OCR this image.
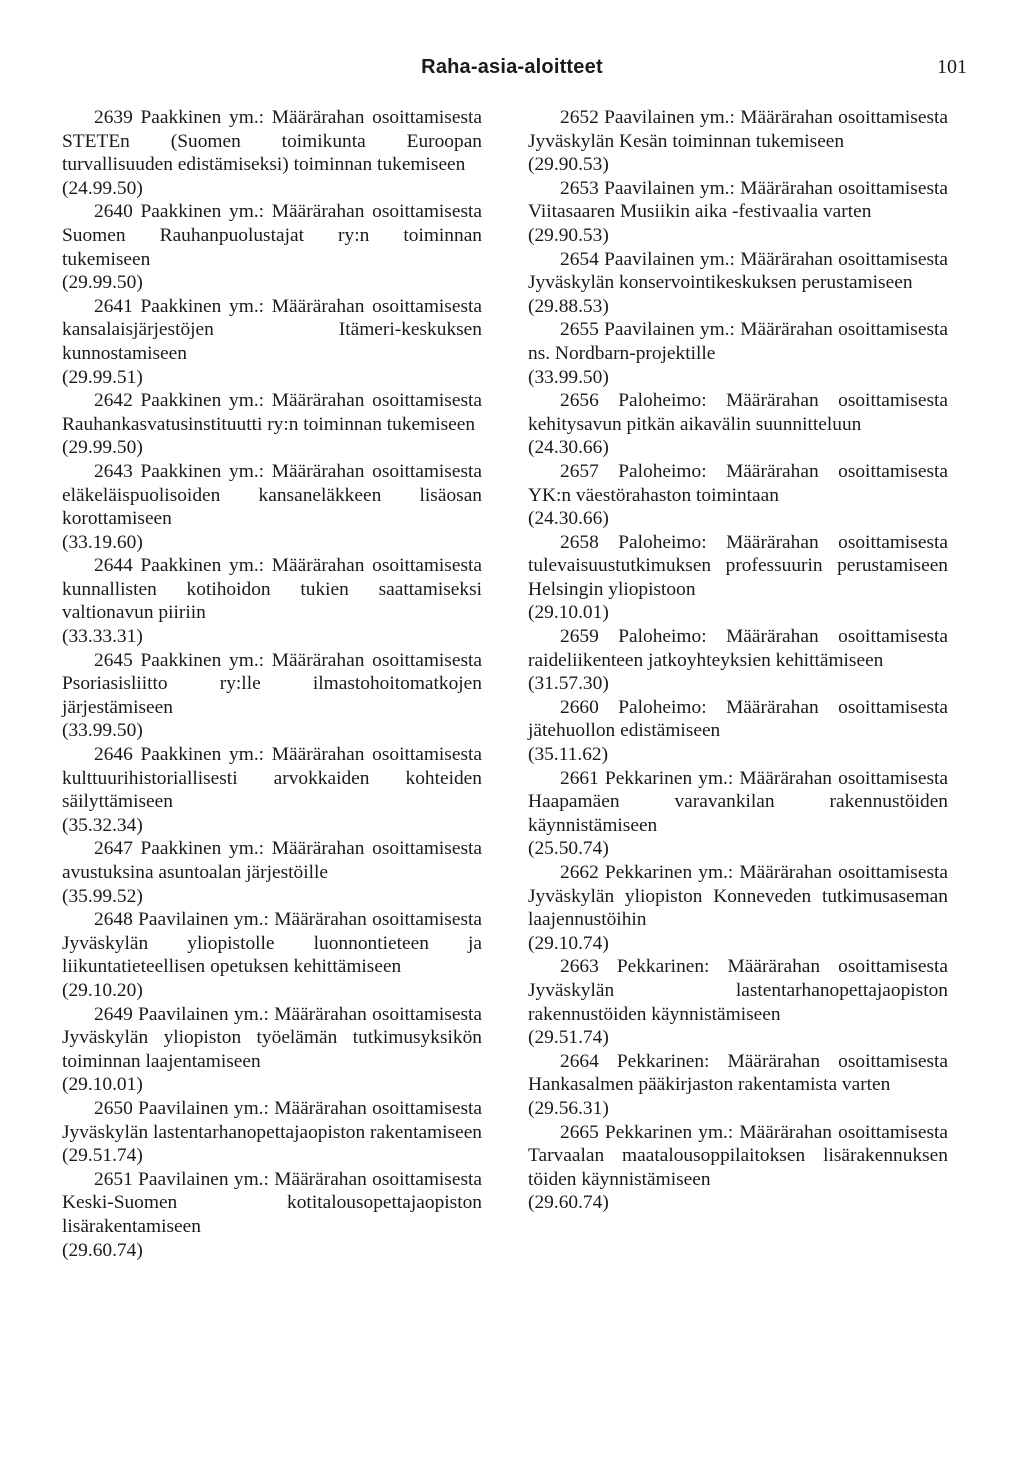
Raha-asia-aloitteet	101
2639 Paakkinen ym.: Määrärahan osoittamisesta STETEn (Suomen toimikunta Euroopan turvallisuuden edistämiseksi) toiminnan tukemiseen
(24.99.50)
2640 Paakkinen ym.: Määrärahan osoittamisesta Suomen Rauhanpuolustajat ry:n toiminnan tukemiseen
(29.99.50)
2641 Paakkinen ym.: Määrärahan osoittamisesta kansalaisjärjestöjen Itämeri-keskuksen kunnostamiseen
(29.99.51)
2642 Paakkinen ym.: Määrärahan osoittamisesta Rauhankasvatusinstituutti ry:n toiminnan tukemiseen
(29.99.50)
2643 Paakkinen ym.: Määrärahan osoittamisesta eläkeläispuolisoiden kansaneläkkeen lisäosan korottamiseen
(33.19.60)
2644 Paakkinen ym.: Määrärahan osoittamisesta kunnallisten kotihoidon tukien saattamiseksi valtionavun piiriin
(33.33.31)
2645 Paakkinen ym.: Määrärahan osoittamisesta Psoriasisliitto ry:lle ilmastohoitomatkojen järjestämiseen
(33.99.50)
2646 Paakkinen ym.: Määrärahan osoittamisesta kulttuurihistoriallisesti arvokkaiden kohteiden säilyttämiseen
(35.32.34)
2647 Paakkinen ym.: Määrärahan osoittamisesta avustuksina asuntoalan järjestöille
(35.99.52)
2648 Paavilainen ym.: Määrärahan osoittamisesta Jyväskylän yliopistolle luonnontieteen ja liikuntatieteellisen opetuksen kehittämiseen
(29.10.20)
2649 Paavilainen ym.: Määrärahan osoittamisesta Jyväskylän yliopiston työelämän tutkimusyksikön toiminnan laajentamiseen
(29.10.01)
2650 Paavilainen ym.: Määrärahan osoittamisesta Jyväskylän lastentarhanopettajaopiston rakentamiseen
(29.51.74)
2651 Paavilainen ym.: Määrärahan osoittamisesta Keski-Suomen kotitalousopettajaopiston lisärakentamiseen
(29.60.74)
2652 Paavilainen ym.: Määrärahan osoittamisesta Jyväskylän Kesän toiminnan tukemiseen
(29.90.53)
2653 Paavilainen ym.: Määrärahan osoittamisesta Viitasaaren Musiikin aika -festivaalia varten
(29.90.53)
2654 Paavilainen ym.: Määrärahan osoittamisesta Jyväskylän konservointikeskuksen perustamiseen
(29.88.53)
2655 Paavilainen ym.: Määrärahan osoittamisesta ns. Nordbarn-projektille
(33.99.50)
2656 Paloheimo: Määrärahan osoittamisesta kehitysavun pitkän aikavälin suunnitteluun
(24.30.66)
2657 Paloheimo: Määrärahan osoittamisesta YK:n väestörahaston toimintaan
(24.30.66)
2658 Paloheimo: Määrärahan osoittamisesta tulevaisuustutkimuksen professuurin perustamiseen Helsingin yliopistoon
(29.10.01)
2659 Paloheimo: Määrärahan osoittamisesta raideliikenteen jatkoyhteyksien kehittämiseen
(31.57.30)
2660 Paloheimo: Määrärahan osoittamisesta jätehuollon edistämiseen
(35.11.62)
2661 Pekkarinen ym.: Määrärahan osoittamisesta Haapamäen varavankilan rakennustöiden käynnistämiseen
(25.50.74)
2662 Pekkarinen ym.: Määrärahan osoittamisesta Jyväskylän yliopiston Konneveden tutkimusaseman laajennustöihin
(29.10.74)
2663 Pekkarinen: Määrärahan osoittamisesta Jyväskylän lastentarhanopettajaopiston rakennustöiden käynnistämiseen
(29.51.74)
2664 Pekkarinen: Määrärahan osoittamisesta Hankasalmen pääkirjaston rakentamista varten
(29.56.31)
2665 Pekkarinen ym.: Määrärahan osoittamisesta Tarvaalan maatalousoppilaitoksen lisärakennuksen töiden käynnistämiseen
(29.60.74)
